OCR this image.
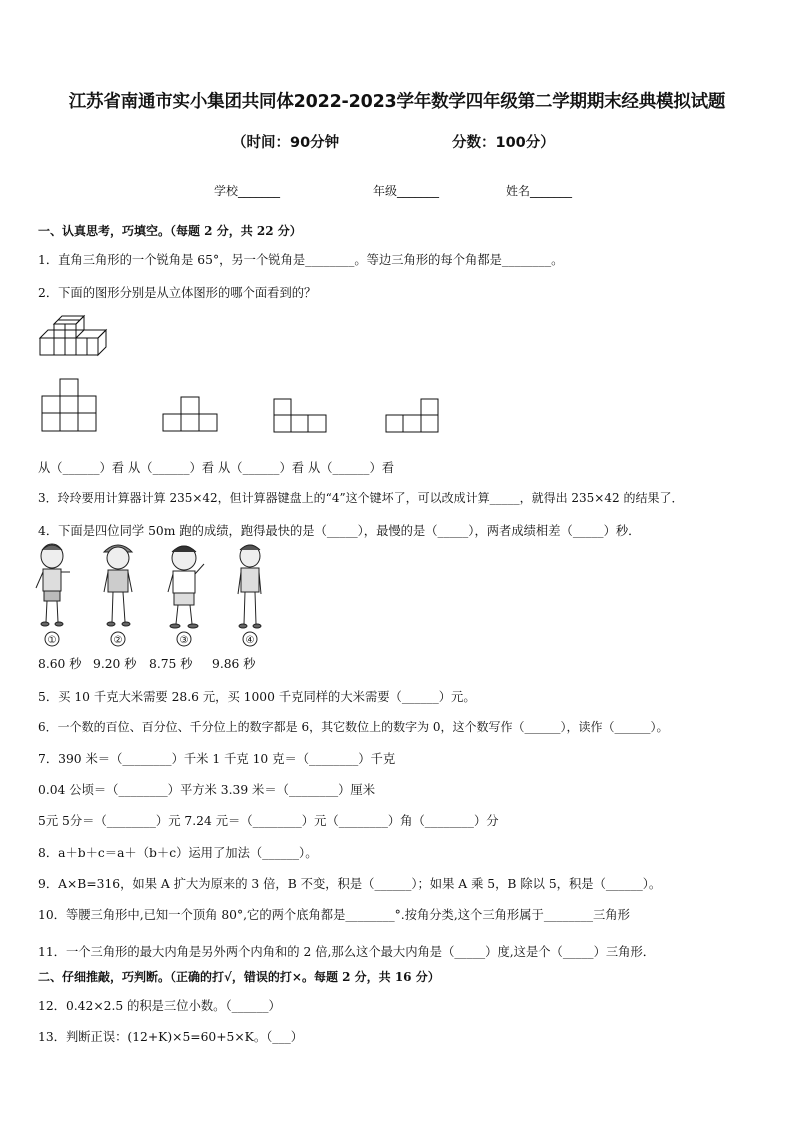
江苏省南通市实小集团共同体2022-2023学年数学四年级第二学期期末经典模拟试题
（时间：90分钟	分数：100分）
学校_______	年级_______	姓名_______
一、认真思考，巧填空。（每题 2 分，共 22 分）
1．直角三角形的一个锐角是 65°，另一个锐角是________。等边三角形的每个角都是________。
2．下面的图形分别是从立体图形的哪个面看到的？
从（______）看 从（______）看 从（______）看 从（______）看
3．玲玲要用计算器计算 235×42，但计算器键盘上的“4”这个键坏了，可以改成计算_____，就得出 235×42 的结果了．
4．下面是四位同学 50m 跑的成绩，跑得最快的是（_____），最慢的是（_____），两者成绩相差（_____）秒．
①	②	③	④
8.60 秒 9.20 秒 8.75 秒 9.86 秒
5．买 10 千克大米需要 28.6 元，买 1000 千克同样的大米需要（______）元。
6．一个数的百位、百分位、千分位上的数字都是 6，其它数位上的数字为 0，这个数写作（______），读作（______）。
7．390 米＝（________）千米 1 千克 10 克＝（________）千克
0.04 公顷＝（________）平方米 3.39 米＝（________）厘米
5元 5分＝（________）元 7.24 元＝（________）元（________）角（________）分
8．a＋b＋c＝a＋（b＋c）运用了加法（______）。
9．A×B=316，如果 A 扩大为原来的 3 倍，B 不变，积是（______）；如果 A 乘 5，B 除以 5，积是（______）。
10．等腰三角形中,已知一个顶角 80°,它的两个底角都是________°.按角分类,这个三角形属于________三角形
11．一个三角形的最大内角是另外两个内角和的 2 倍,那么这个最大内角是（_____）度,这是个（_____）三角形．
二、仔细推敲，巧判断。（正确的打√，错误的打×。每题 2 分，共 16 分）
12．0.42×2.5 的积是三位小数。（______）
13．判断正误：(12+K)×5=60+5×K。（___）
